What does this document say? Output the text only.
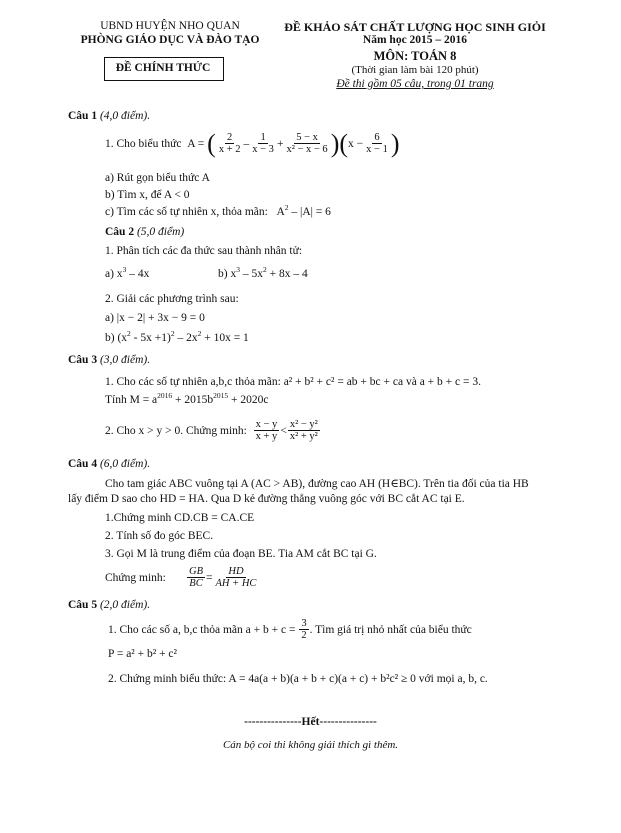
UBND HUYỆN NHO QUAN
PHÒNG GIÁO DỤC VÀ ĐÀO TẠO
ĐỀ CHÍNH THỨC
ĐỀ KHẢO SÁT CHẤT LƯỢNG HỌC SINH GIỎI
Năm học 2015 – 2016
MÔN: TOÁN 8
(Thời gian làm bài 120 phút)
Đề thi gồm 05 câu, trong 01 trang
Câu 1 (4,0 điểm).
1. Cho biểu thức
A =
( $\frac{2}{x + 2} - \frac{1}{x - 3} + \frac{5 - x}{\text{x² − x − 6}}$ ) ( $x - \frac{6}{x - 1}$ )
a) Rút gọn biểu thức A
b) Tìm x, để A < 0
c) Tìm các số tự nhiên x, thỏa mãn: $A^2 - |A| = 6$
Câu 2 (5,0 điểm)
1. Phân tích các đa thức sau thành nhân tử:
a) $x^3 - 4x$	b) $x^3 - 5x^2 + 8x - 4$
2. Giải các phương trình sau:
a) |x − 2| + 3x − 9 = 0
b) $(x^2 - 5x +1)^2 - 2x^2 + 10x = 1$
Câu 3 (3,0 điểm).
1. Cho các số tự nhiên a,b,c thỏa mãn: a² + b² + c² = ab + bc + ca và a + b + c = 3.
Tính $M = a^{2016} + 2015b^{2015} + 2020c$
2. Cho x > y > 0. Chứng minh:
$\frac{x - y}{x + y} < \frac{\text{x² − y²}}{\text{x² + y²}}$
Câu 4 (6,0 điểm).
Cho tam giác ABC vuông tại A (AC > AB), đường cao AH (H∈BC). Trên tia đối của tia HB
lấy điểm D sao cho HD = HA. Qua D kẻ đường thẳng vuông góc với BC cắt AC tại E.
1.Chứng minh CD.CB = CA.CE
2. Tính số đo góc BEC.
3. Gọi M là trung điểm của đoạn BE. Tia AM cắt BC tại G.
Chứng minh:
$\frac{GB}{BC} = \frac{HD}{AH + HC}$
Câu 5 (2,0 điểm).
1. Cho các số a, b,c thỏa mãn a + b + c =
$\frac{3}{2}$ . Tìm giá trị nhỏ nhất của biểu thức
P = a² + b² + c²
2. Chứng minh biểu thức: A = 4a(a + b)(a + b + c)(a + c) + b²c² ≥ 0 với mọi a, b, c.
---------------Hết---------------
Cán bộ coi thi không giải thích gì thêm.
